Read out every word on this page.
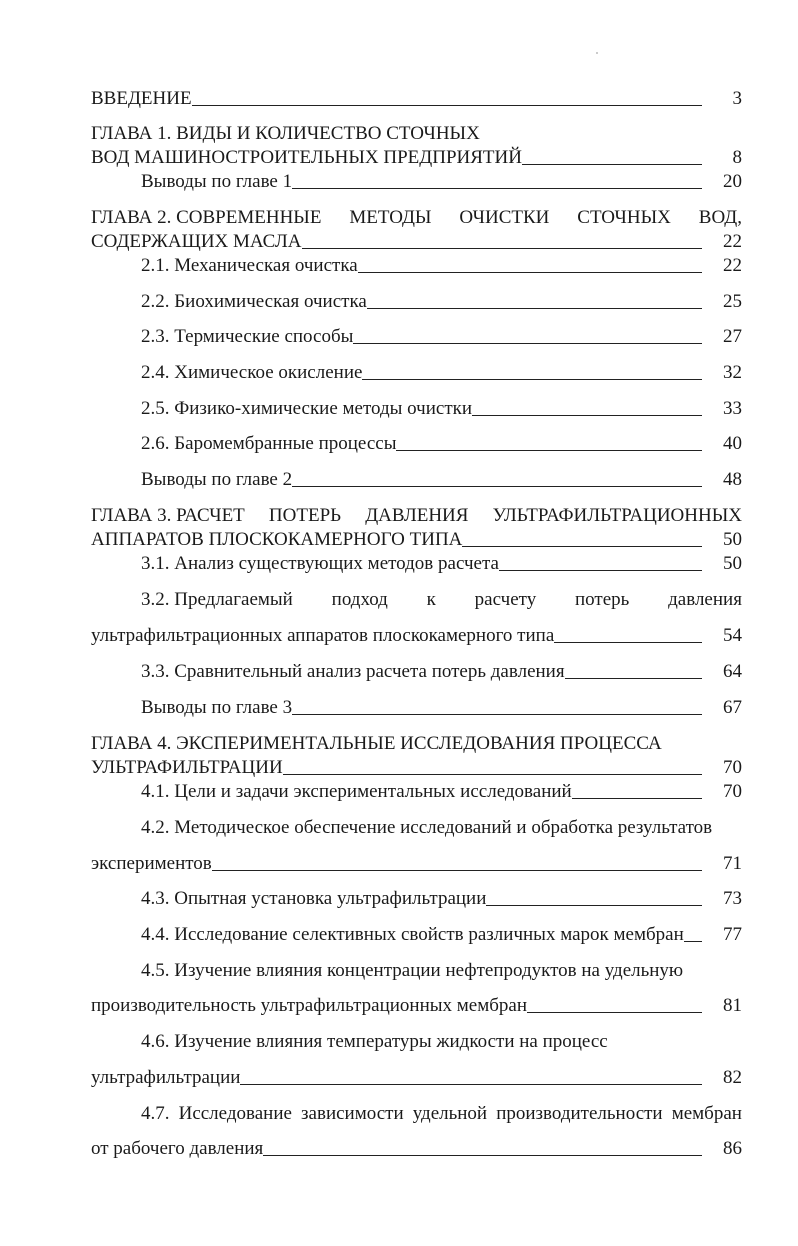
ВВЕДЕНИЕ	3
ГЛАВА 1. ВИДЫ И КОЛИЧЕСТВО СТОЧНЫХ
ВОД МАШИНОСТРОИТЕЛЬНЫХ ПРЕДПРИЯТИЙ	8
Выводы по главе 1	20
ГЛАВА 2. СОВРЕМЕННЫЕ МЕТОДЫ ОЧИСТКИ СТОЧНЫХ ВОД,
СОДЕРЖАЩИХ МАСЛА	22
2.1. Механическая очистка	22
2.2. Биохимическая очистка	25
2.3. Термические способы	27
2.4. Химическое окисление	32
2.5. Физико-химические методы очистки	33
2.6. Баромембранные процессы	40
Выводы по главе 2	48
ГЛАВА 3. РАСЧЕТ ПОТЕРЬ ДАВЛЕНИЯ УЛЬТРАФИЛЬТРАЦИОННЫХ
АППАРАТОВ ПЛОСКОКАМЕРНОГО ТИПА	50
3.1. Анализ существующих методов расчета	50
3.2. Предлагаемый подход к расчету потерь давления
ультрафильтрационных аппаратов плоскокамерного типа	54
3.3. Сравнительный анализ расчета потерь давления	64
Выводы по главе 3	67
ГЛАВА 4. ЭКСПЕРИМЕНТАЛЬНЫЕ ИССЛЕДОВАНИЯ ПРОЦЕССА
УЛЬТРАФИЛЬТРАЦИИ	70
4.1. Цели и задачи экспериментальных исследований	70
4.2. Методическое обеспечение исследований и обработка результатов
экспериментов	71
4.3. Опытная установка ультрафильтрации	73
4.4. Исследование селективных свойств различных марок мембран	77
4.5. Изучение влияния концентрации нефтепродуктов на удельную
производительность ультрафильтрационных мембран	81
4.6. Изучение влияния температуры жидкости на процесс
ультрафильтрации	82
4.7. Исследование зависимости удельной производительности мембран
от рабочего давления	86
